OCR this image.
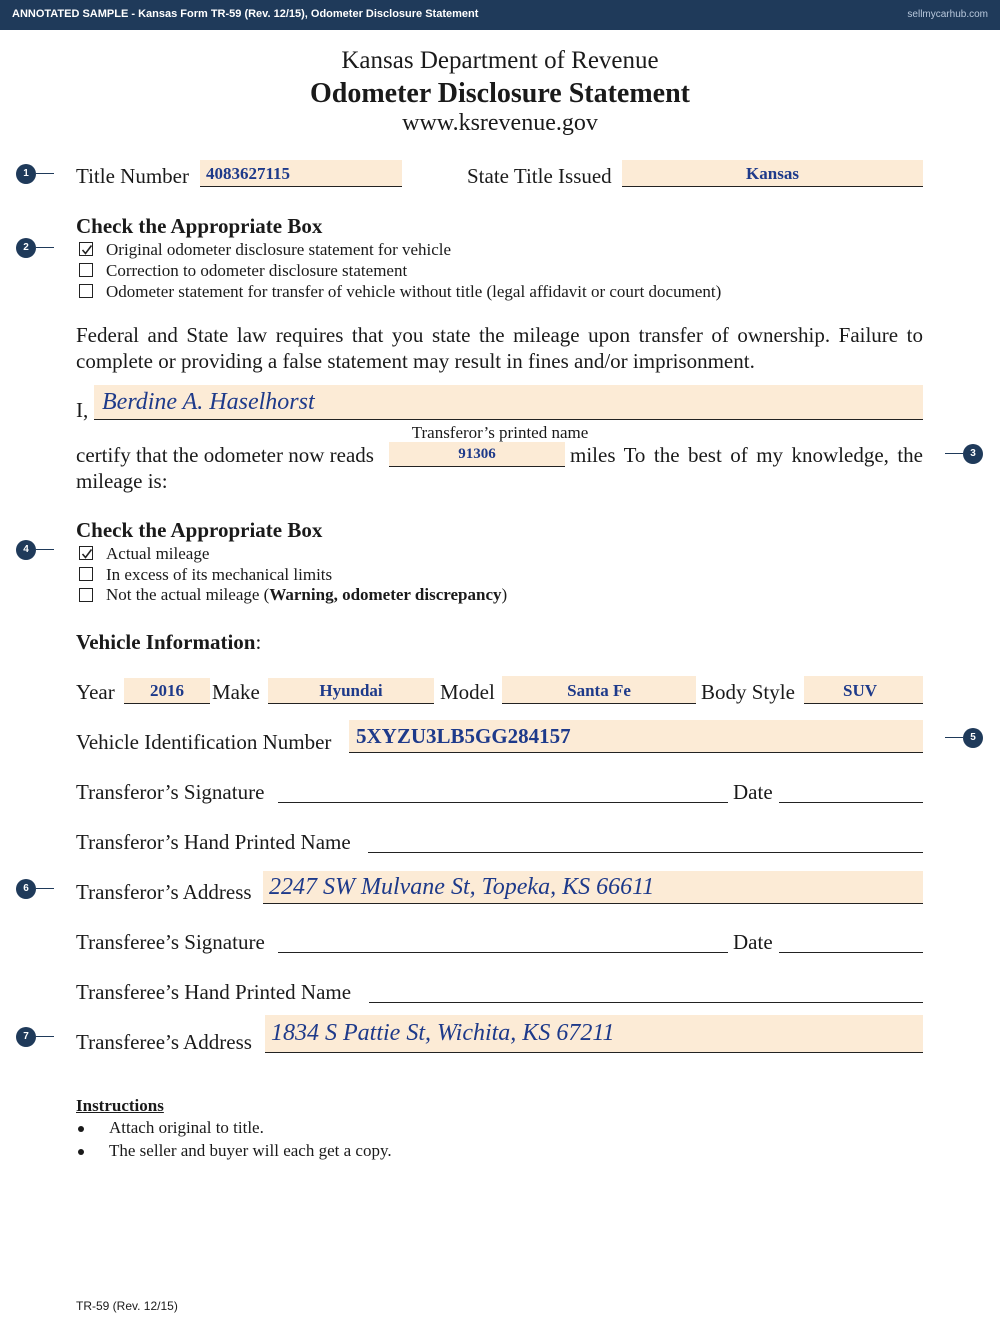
ANNOTATED SAMPLE - Kansas Form TR-59 (Rev. 12/15), Odometer Disclosure Statement	sellmycarhub.com
Kansas Department of Revenue
Odometer Disclosure Statement
www.ksrevenue.gov
1
2
3
4
5
6
7
Title Number 4083627115	State Title Issued	Kansas
Check the Appropriate Box
Original odometer disclosure statement for vehicle
Correction to odometer disclosure statement
Odometer statement for transfer of vehicle without title (legal affidavit or court document)
Federal and State law requires that you state the mileage upon transfer of ownership. Failure to complete or providing a false statement may result in fines and/or imprisonment.
I, Berdine A. Haselhorst
Transferor’s printed name
certify that the odometer now reads	91306	miles To the best of my knowledge, the
mileage is:
Check the Appropriate Box
Actual mileage
In excess of its mechanical limits
Not the actual mileage (Warning, odometer discrepancy)
Vehicle Information:
Year	2016	Make	Hyundai	Model	Santa Fe	Body Style	SUV
Vehicle Identification Number 5XYZU3LB5GG284157
Transferor’s Signature	Date
Transferor’s Hand Printed Name
Transferor’s Address 2247 SW Mulvane St, Topeka, KS 66611
Transferee’s Signature	Date
Transferee’s Hand Printed Name
Transferee’s Address 1834 S Pattie St, Wichita, KS 67211
Instructions
Attach original to title.
The seller and buyer will each get a copy.
TR-59 (Rev. 12/15)
